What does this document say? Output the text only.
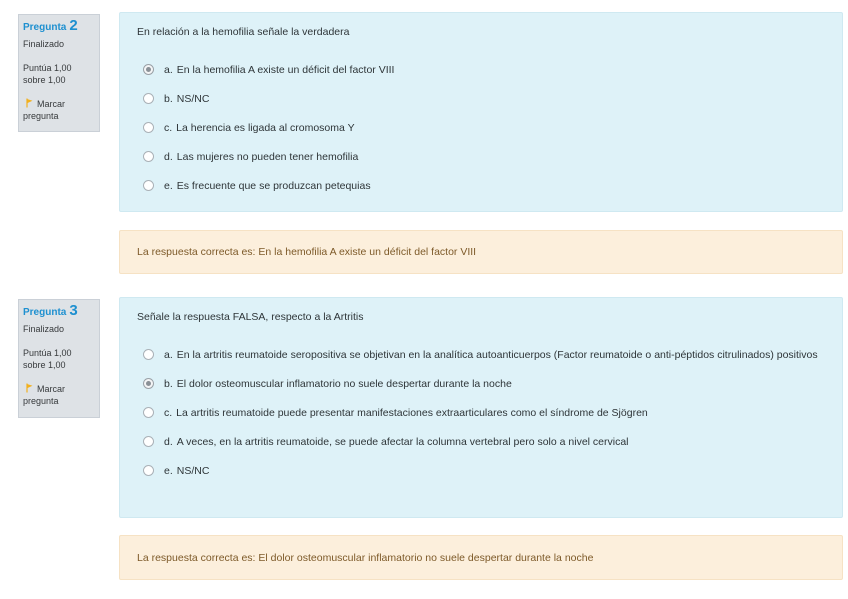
Pregunta 2
Finalizado
Puntúa 1,00 sobre 1,00
Marcar pregunta
En relación a la hemofilia señale la verdadera
a. En la hemofilia A existe un déficit del factor VIII
b. NS/NC
c. La herencia es ligada al cromosoma Y
d. Las mujeres no pueden tener hemofilia
e. Es frecuente que se produzcan petequias
La respuesta correcta es: En la hemofilia A existe un déficit del factor VIII
Pregunta 3
Finalizado
Puntúa 1,00 sobre 1,00
Marcar pregunta
Señale la respuesta FALSA, respecto a la Artritis
a. En la artritis reumatoide seropositiva se objetivan en la analítica autoanticuerpos (Factor reumatoide o anti-péptidos citrulinados) positivos
b. El dolor osteomuscular inflamatorio no suele despertar durante la noche
c. La artritis reumatoide puede presentar manifestaciones extraarticulares como el síndrome de Sjögren
d. A veces, en la artritis reumatoide, se puede afectar la columna vertebral pero solo a nivel cervical
e. NS/NC
La respuesta correcta es: El dolor osteomuscular inflamatorio no suele despertar durante la noche
